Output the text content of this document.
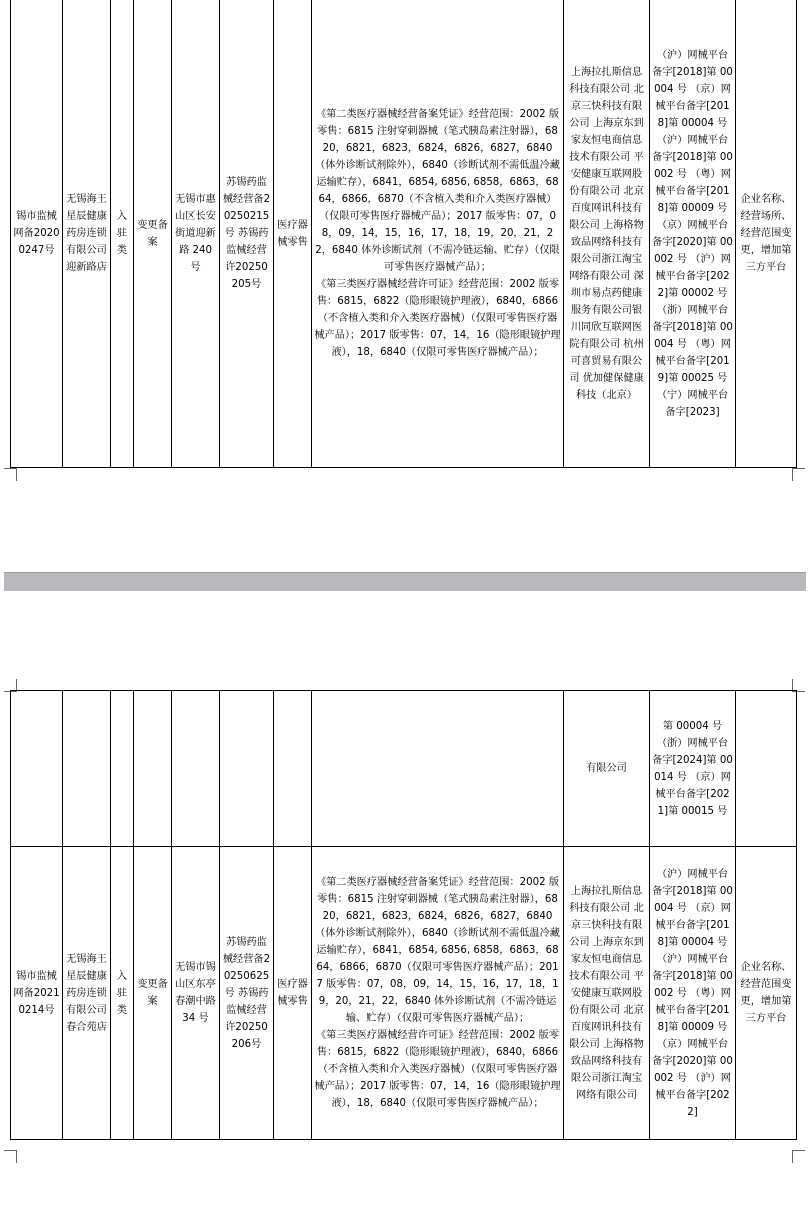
锡市监械网备20200247号	无锡海王星辰健康药房连锁有限公司迎新路店	入驻类	变更备案	无锡市惠山区长安街道迎新路 240 号	苏锡药监械经营备20250215号 苏锡药监械经营许20250205号	医疗器械零售	
《第二类医疗器械经营备案凭证》经营范围：2002 版零售：6815 注射穿刺器械（笔式胰岛素注射器），6820，6821，6823，6824，6826，6827，6840（体外诊断试剂除外），6840（诊断试剂不需低温冷藏运输贮存），6841，6854, 6856, 6858，6863，6864，6866，6870（不含植入类和介入类医疗器械）（仅限可零售医疗器械产品）；2017 版零售：07，08，09，14，15，16，17，18，19，20，21，22，6840 体外诊断试剂（不需冷链运输、贮存）（仅限可零售医疗器械产品）；
《第三类医疗器械经营许可证》经营范围：2002 版零售：6815，6822（隐形眼镜护理液），6840，6866（不含植入类和介入类医疗器械）（仅限可零售医疗器械产品）；2017 版零售：07，14，16（隐形眼镜护理液），18，6840（仅限可零售医疗器械产品）；
	上海拉扎斯信息科技有限公司 北京三快科技有限公司 上海京东到家友恒电商信息技术有限公司 平安健康互联网股份有限公司 北京百度网讯科技有限公司 上海格物致品网络科技有限公司浙江淘宝网络有限公司 深圳市易点药健康服务有限公司银川同欣互联网医院有限公司 杭州可喜贸易有限公司 优加健保健康科技（北京）	（沪）网械平台备字[2018]第 00004 号 （京）网械平台备字[2018]第 00004 号 （沪）网械平台备字[2018]第 00002 号 （粤）网械平台备字[2018]第 00009 号 （京）网械平台备字[2020]第 00002 号 （沪）网械平台备字[2022]第 00002 号 （浙）网械平台备字[2018]第 00004 号 （粤）网械平台备字[2019]第 00025 号 （宁）网械平台备字[2023]	企业名称、经营场所、经营范围变更，增加第三方平台
								有限公司	第 00004 号 （浙）网械平台备字[2024]第 00014 号 （京）网械平台备字[2021]第 00015 号	
锡市监械网备20210214号	无锡海王星辰健康药房连锁有限公司春合苑店	入驻类	变更备案	无锡市锡山区东亭春潮中路 34 号	苏锡药监械经营备20250625号 苏锡药监械经营许20250206号	医疗器械零售	《第二类医疗器械经营备案凭证》经营范围：2002 版零售：6815 注射穿刺器械（笔式胰岛素注射器），6820，6821，6823，6824，6826，6827，6840（体外诊断试剂除外），6840（诊断试剂不需低温冷藏运输贮存），6841，6854, 6856, 6858，6863，6864，6866，6870（仅限可零售医疗器械产品）；2017 版零售：07，08，09，14，15，16，17，18，19，20，21，22，6840 体外诊断试剂（不需冷链运输、贮存）（仅限可零售医疗器械产品）；
《第三类医疗器械经营许可证》经营范围：2002 版零售：6815，6822（隐形眼镜护理液），6840，6866（不含植入类和介入类医疗器械）（仅限可零售医疗器械产品）；2017 版零售：07，14，16（隐形眼镜护理液），18，6840（仅限可零售医疗器械产品）；	上海拉扎斯信息科技有限公司 北京三快科技有限公司 上海京东到家友恒电商信息技术有限公司 平安健康互联网股份有限公司 北京百度网讯科技有限公司 上海格物致品网络科技有限公司浙江淘宝网络有限公司	（沪）网械平台备字[2018]第 00004 号 （京）网械平台备字[2018]第 00004 号 （沪）网械平台备字[2018]第 00002 号 （粤）网械平台备字[2018]第 00009 号 （京）网械平台备字[2020]第 00002 号 （沪）网械平台备字[2022]	企业名称、经营范围变更，增加第三方平台
